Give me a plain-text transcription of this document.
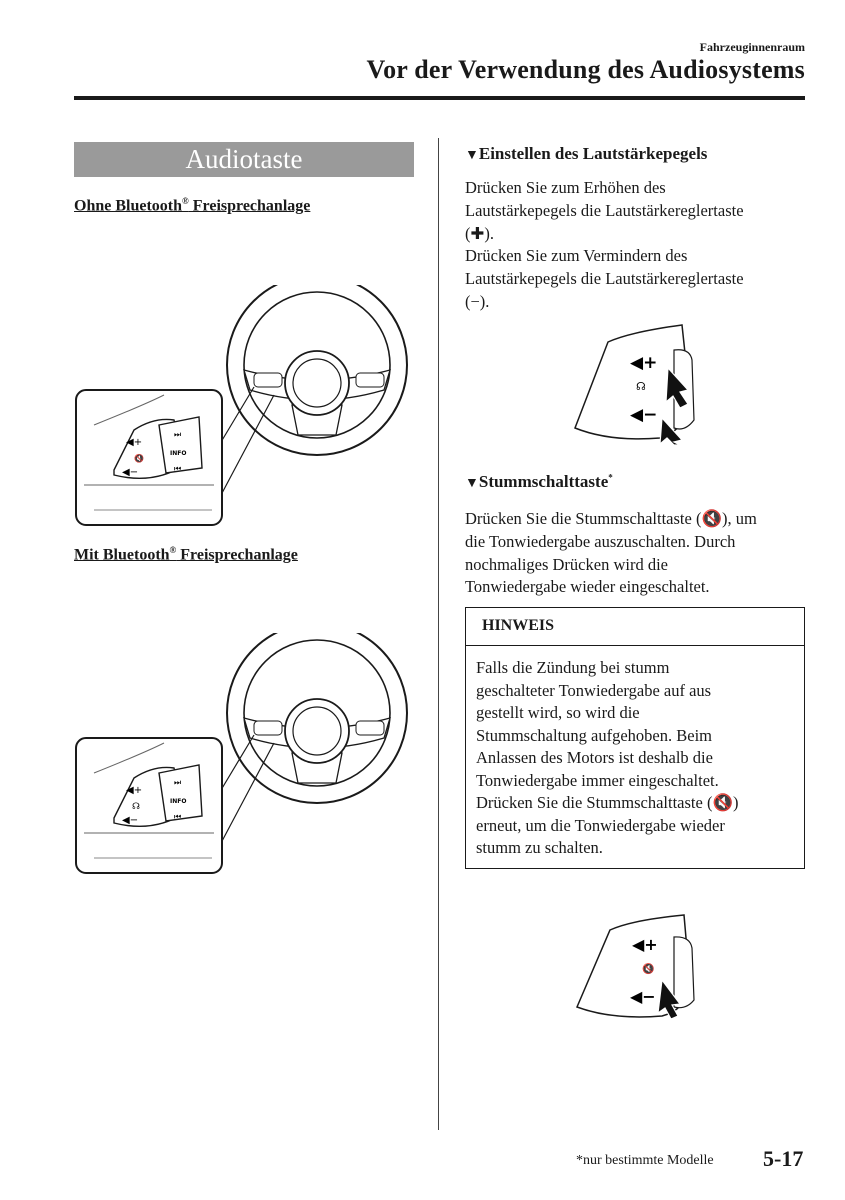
Fahrzeuginnenraum
Vor der Verwendung des Audiosystems
Audiotaste
Ohne Bluetooth® Freisprechanlage
◀+
🔇
◀−
⏭
INFO
⏮
Mit Bluetooth® Freisprechanlage
◀+
☊
◀−
⏭
INFO
⏮
▼Einstellen des Lautstärkepegels
Drücken Sie zum Erhöhen des
Lautstärkepegels die Lautstärkereglertaste
(✚).
Drücken Sie zum Vermindern des
Lautstärkepegels die Lautstärkereglertaste
(−).
◀+
☊
◀−
▼Stummschalttaste*
Drücken Sie die Stummschalttaste (🔇), um
die Tonwiedergabe auszuschalten. Durch
nochmaliges Drücken wird die
Tonwiedergabe wieder eingeschaltet.
HINWEIS
Falls die Zündung bei stumm
geschalteter Tonwiedergabe auf aus
gestellt wird, so wird die
Stummschaltung aufgehoben. Beim
Anlassen des Motors ist deshalb die
Tonwiedergabe immer eingeschaltet.
Drücken Sie die Stummschalttaste (🔇)
erneut, um die Tonwiedergabe wieder
stumm zu schalten.
◀+
🔇
◀−
*nur bestimmte Modelle 5-17
